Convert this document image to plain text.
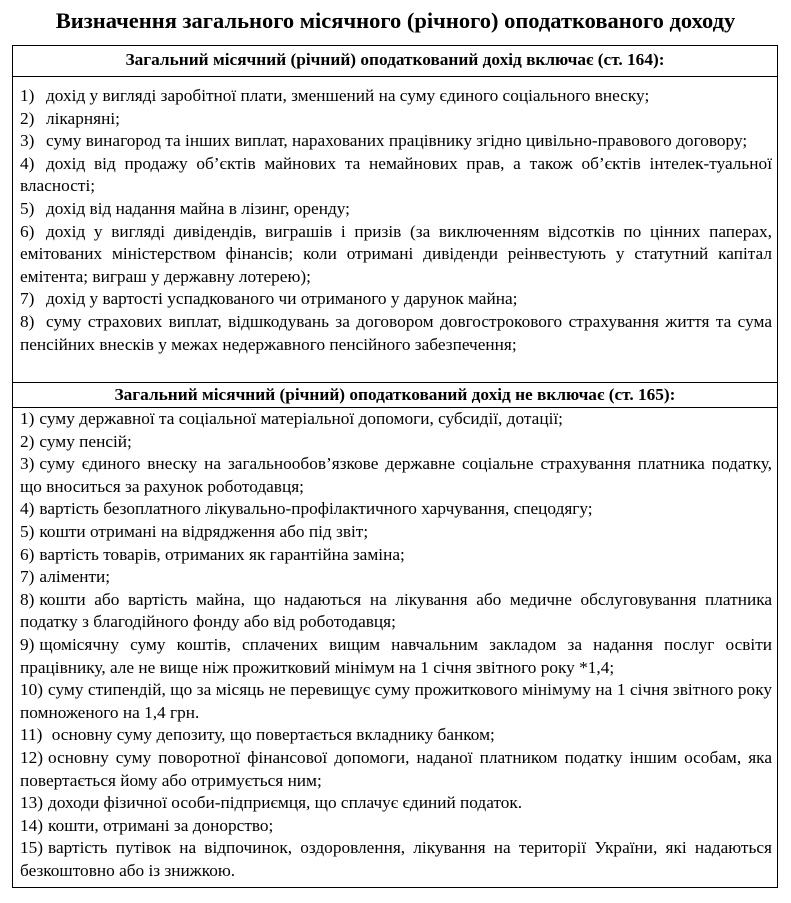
Визначення загального місячного (річного) оподаткованого доходу
Загальний місячний (річний) оподаткований дохід включає (ст. 164):
1) дохід у вигляді заробітної плати, зменшений на суму єдиного соціального внеску;
2) лікарняні;
3) суму винагород та інших виплат, нарахованих працівнику згідно цивільно-правового договору;
4) дохід від продажу об’єктів майнових та немайнових прав, а також об’єктів інтелек-туальної власності;
5) дохід від надання майна в лізинг, оренду;
6) дохід у вигляді дивідендів, виграшів і призів (за виключенням відсотків по цінних паперах, емітованих міністерством фінансів; коли отримані дивіденди реінвестують у статутний капітал емітента; виграш у державну лотерею);
7) дохід у вартості успадкованого чи отриманого у дарунок майна;
8) суму страхових виплат, відшкодувань за договором довгострокового страхування життя та сума пенсійних внесків у межах недержавного пенсійного забезпечення;
Загальний місячний (річний) оподаткований дохід не включає (ст. 165):
1) суму державної та соціальної матеріальної допомоги, субсидії, дотації;
2) суму пенсій;
3) суму єдиного внеску на загальнообов’язкове державне соціальне страхування платника податку, що вноситься за рахунок роботодавця;
4) вартість безоплатного лікувально-профілактичного харчування, спецодягу;
5) кошти отримані на відрядження або під звіт;
6) вартість товарів, отриманих як гарантійна заміна;
7) аліменти;
8) кошти або вартість майна, що надаються на лікування або медичне обслуговування платника податку з благодійного фонду або від роботодавця;
9) щомісячну суму коштів, сплачених вищим навчальним закладом за надання послуг освіти працівнику, але не вище ніж прожитковий мінімум на 1 січня звітного року *1,4;
10) суму стипендій, що за місяць не перевищує суму прожиткового мінімуму на 1 січня звітного року помноженого на 1,4 грн.
11) основну суму депозиту, що повертається вкладнику банком;
12) основну суму поворотної фінансової допомоги, наданої платником податку іншим особам, яка повертається йому або отримується ним;
13) доходи фізичної особи-підприємця, що сплачує єдиний податок.
14) кошти, отримані за донорство;
15) вартість путівок на відпочинок, оздоровлення, лікування на території України, які надаються безкоштовно або із знижкою.
